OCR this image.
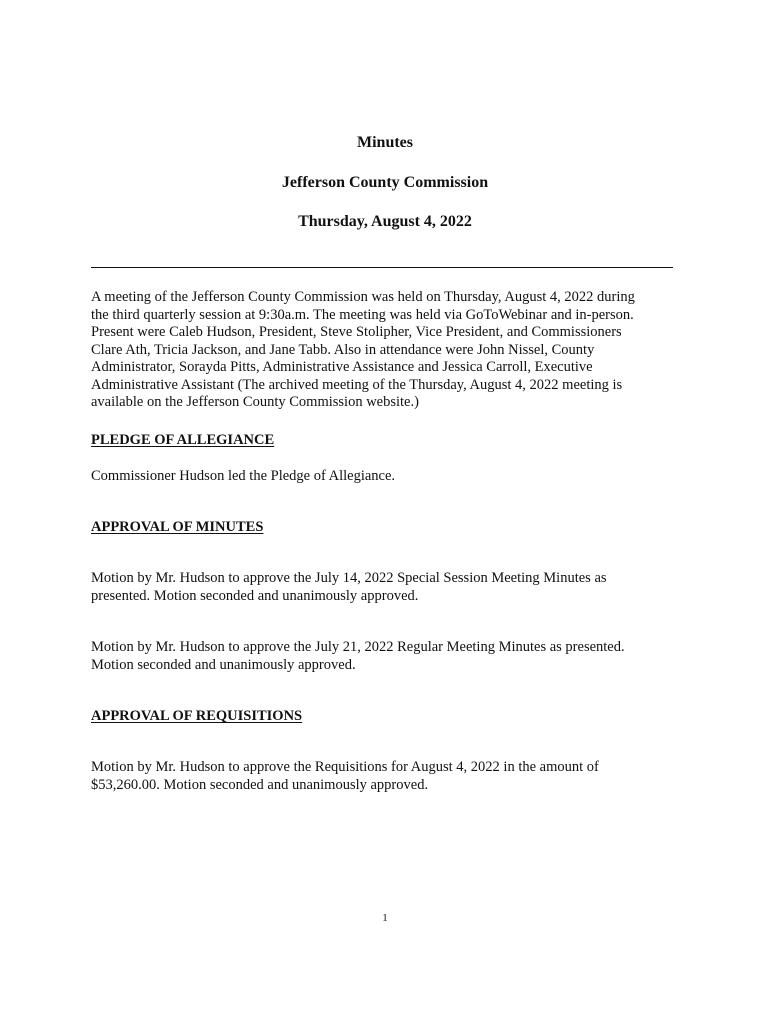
Minutes
Jefferson County Commission
Thursday, August 4, 2022
A meeting of the Jefferson County Commission was held on Thursday, August 4, 2022 during
the third quarterly session at 9:30a.m. The meeting was held via GoToWebinar and in-person.
Present were Caleb Hudson, President, Steve Stolipher, Vice President, and Commissioners
Clare Ath, Tricia Jackson, and Jane Tabb. Also in attendance were John Nissel, County
Administrator, Sorayda Pitts, Administrative Assistance and Jessica Carroll, Executive
Administrative Assistant (The archived meeting of the Thursday, August 4, 2022 meeting is
available on the Jefferson County Commission website.)
PLEDGE OF ALLEGIANCE
Commissioner Hudson led the Pledge of Allegiance.
APPROVAL OF MINUTES
Motion by Mr. Hudson to approve the July 14, 2022 Special Session Meeting Minutes as
presented. Motion seconded and unanimously approved.
Motion by Mr. Hudson to approve the July 21, 2022 Regular Meeting Minutes as presented.
Motion seconded and unanimously approved.
APPROVAL OF REQUISITIONS
Motion by Mr. Hudson to approve the Requisitions for August 4, 2022 in the amount of
$53,260.00. Motion seconded and unanimously approved.
1
